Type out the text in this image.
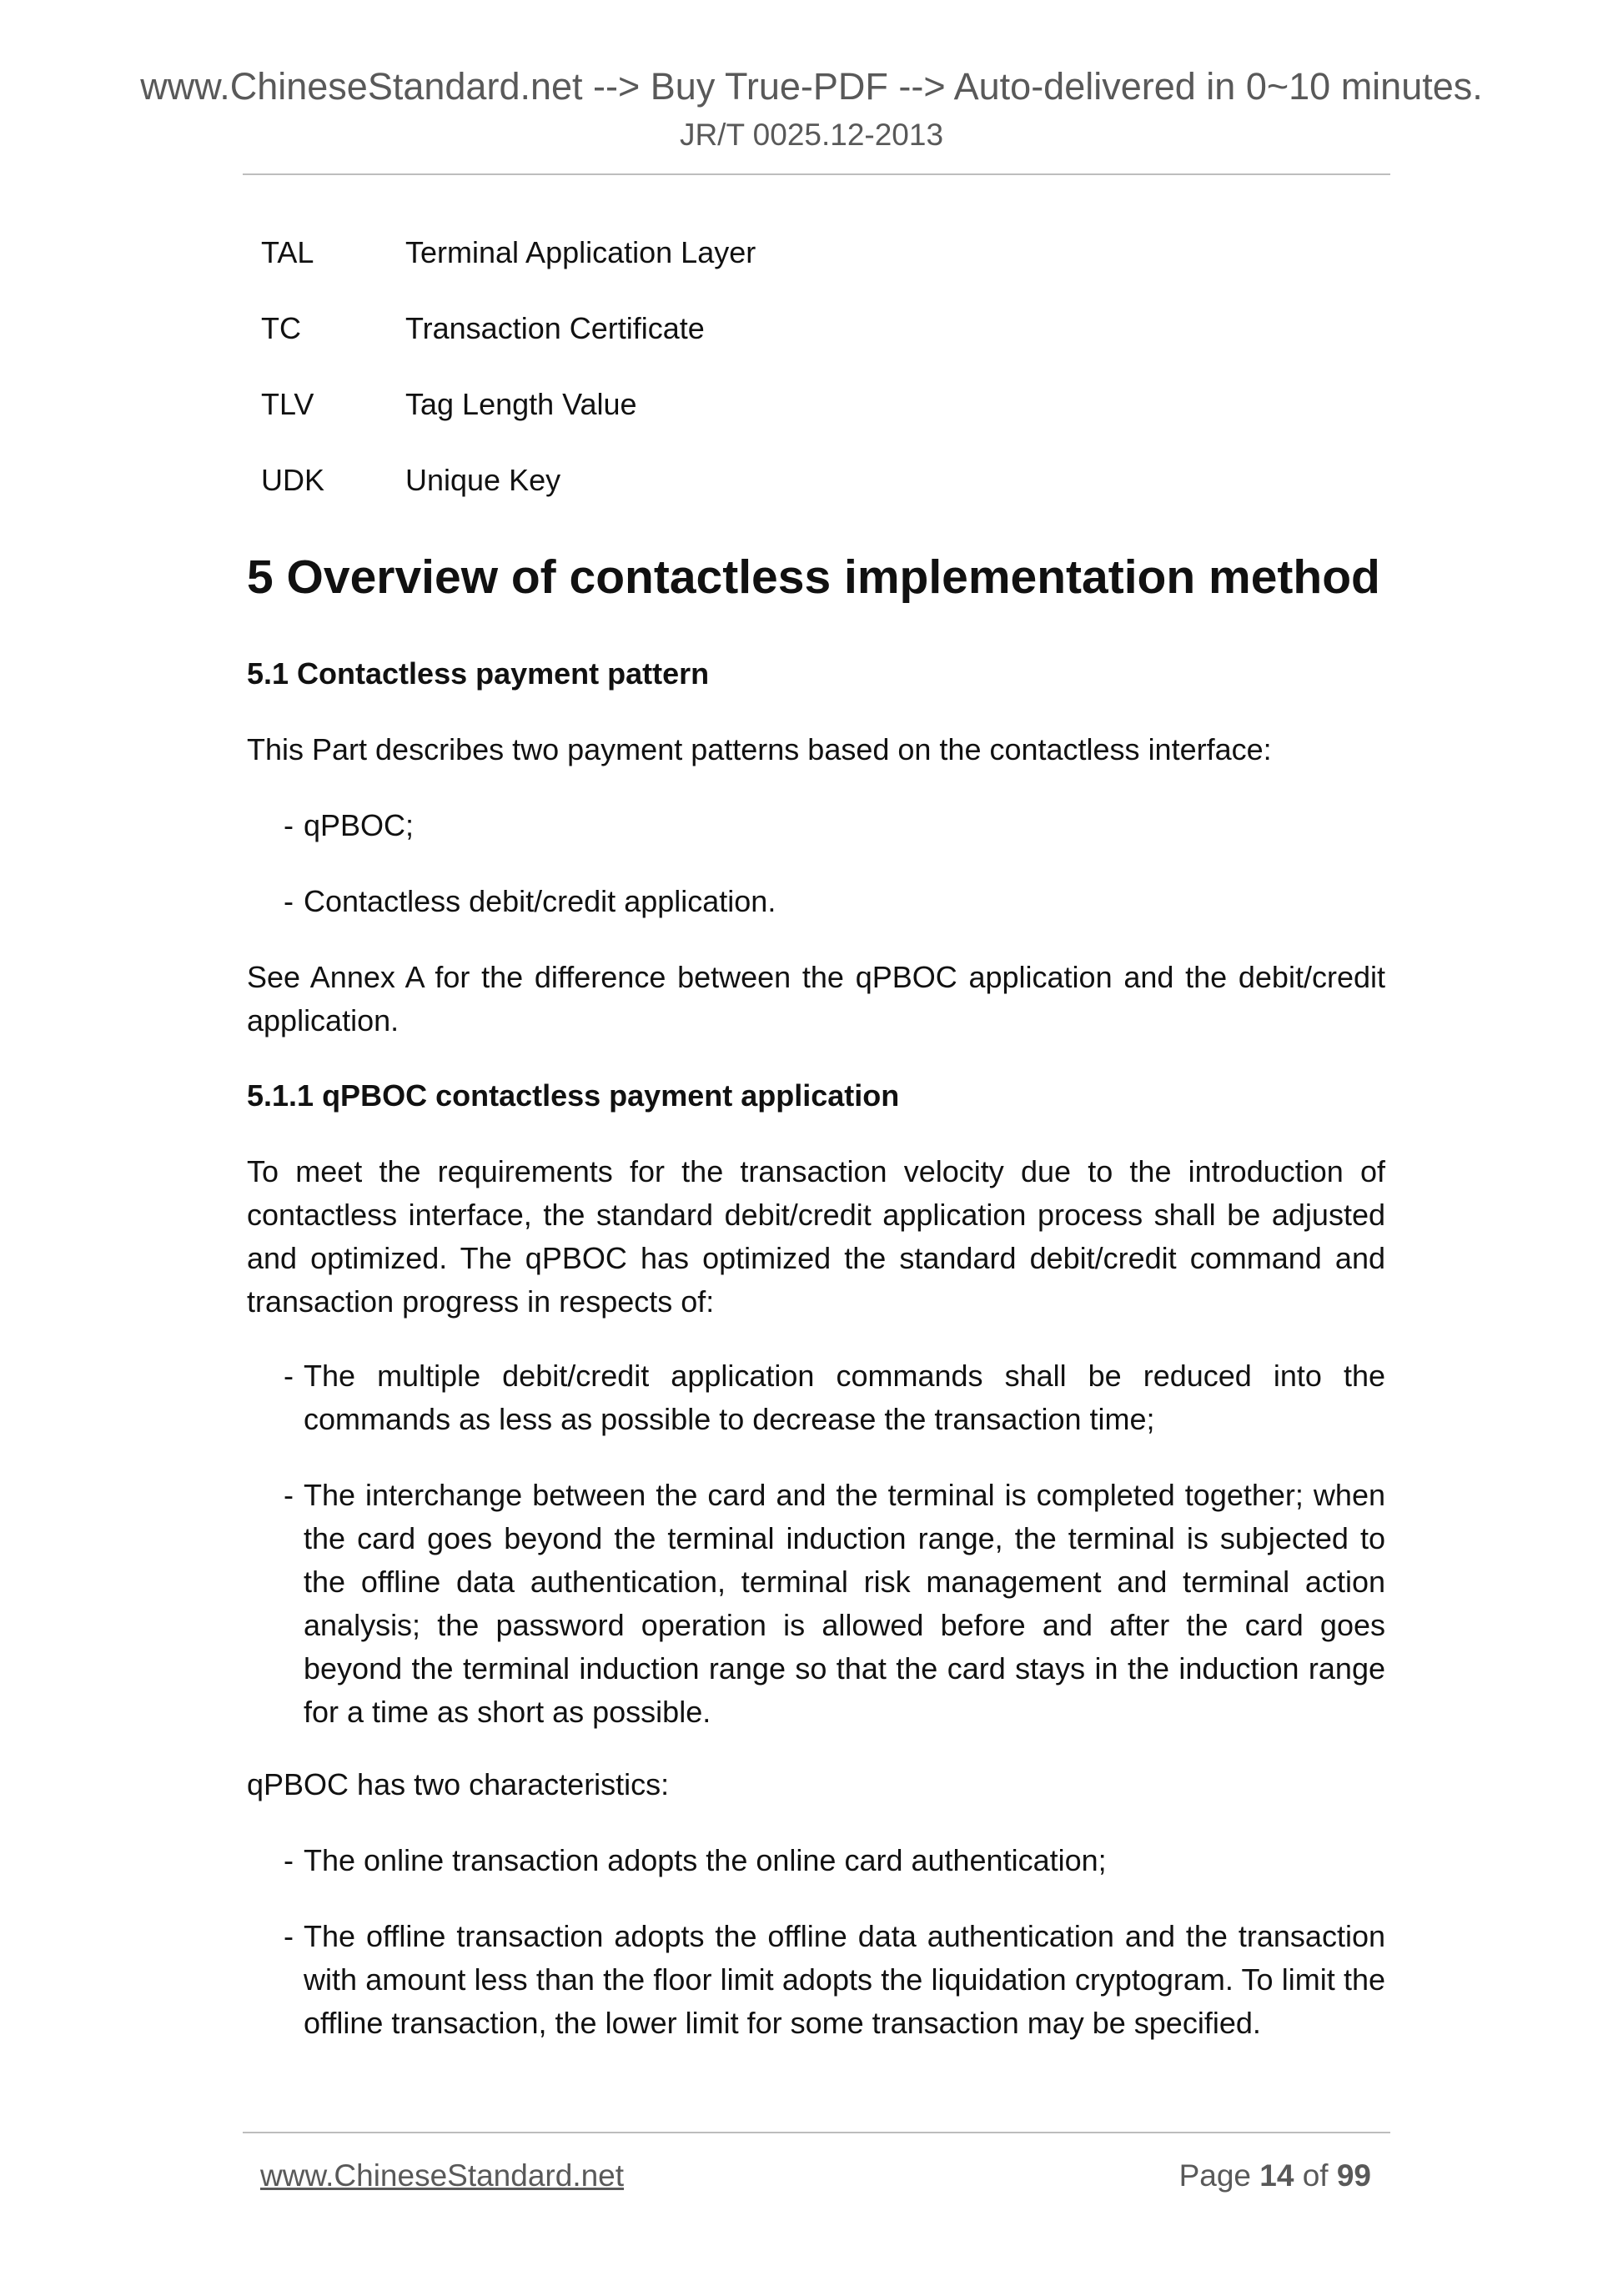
www.ChineseStandard.net --> Buy True-PDF --> Auto-delivered in 0~10 minutes.
JR/T 0025.12-2013
TAL	Terminal Application Layer
TC	Transaction Certificate
TLV	Tag Length Value
UDK	Unique Key
5 Overview of contactless implementation method
5.1 Contactless payment pattern
This Part describes two payment patterns based on the contactless interface:
- qPBOC;
- Contactless debit/credit application.
See Annex A for the difference between the qPBOC application and the debit/credit application.
5.1.1 qPBOC contactless payment application
To meet the requirements for the transaction velocity due to the introduction of contactless interface, the standard debit/credit application process shall be adjusted and optimized. The qPBOC has optimized the standard debit/credit command and transaction progress in respects of:
- The multiple debit/credit application commands shall be reduced into the commands as less as possible to decrease the transaction time;
- The interchange between the card and the terminal is completed together; when the card goes beyond the terminal induction range, the terminal is subjected to the offline data authentication, terminal risk management and terminal action analysis; the password operation is allowed before and after the card goes beyond the terminal induction range so that the card stays in the induction range for a time as short as possible.
qPBOC has two characteristics:
- The online transaction adopts the online card authentication;
- The offline transaction adopts the offline data authentication and the transaction with amount less than the floor limit adopts the liquidation cryptogram. To limit the offline transaction, the lower limit for some transaction may be specified.
www.ChineseStandard.net	Page 14 of 99
